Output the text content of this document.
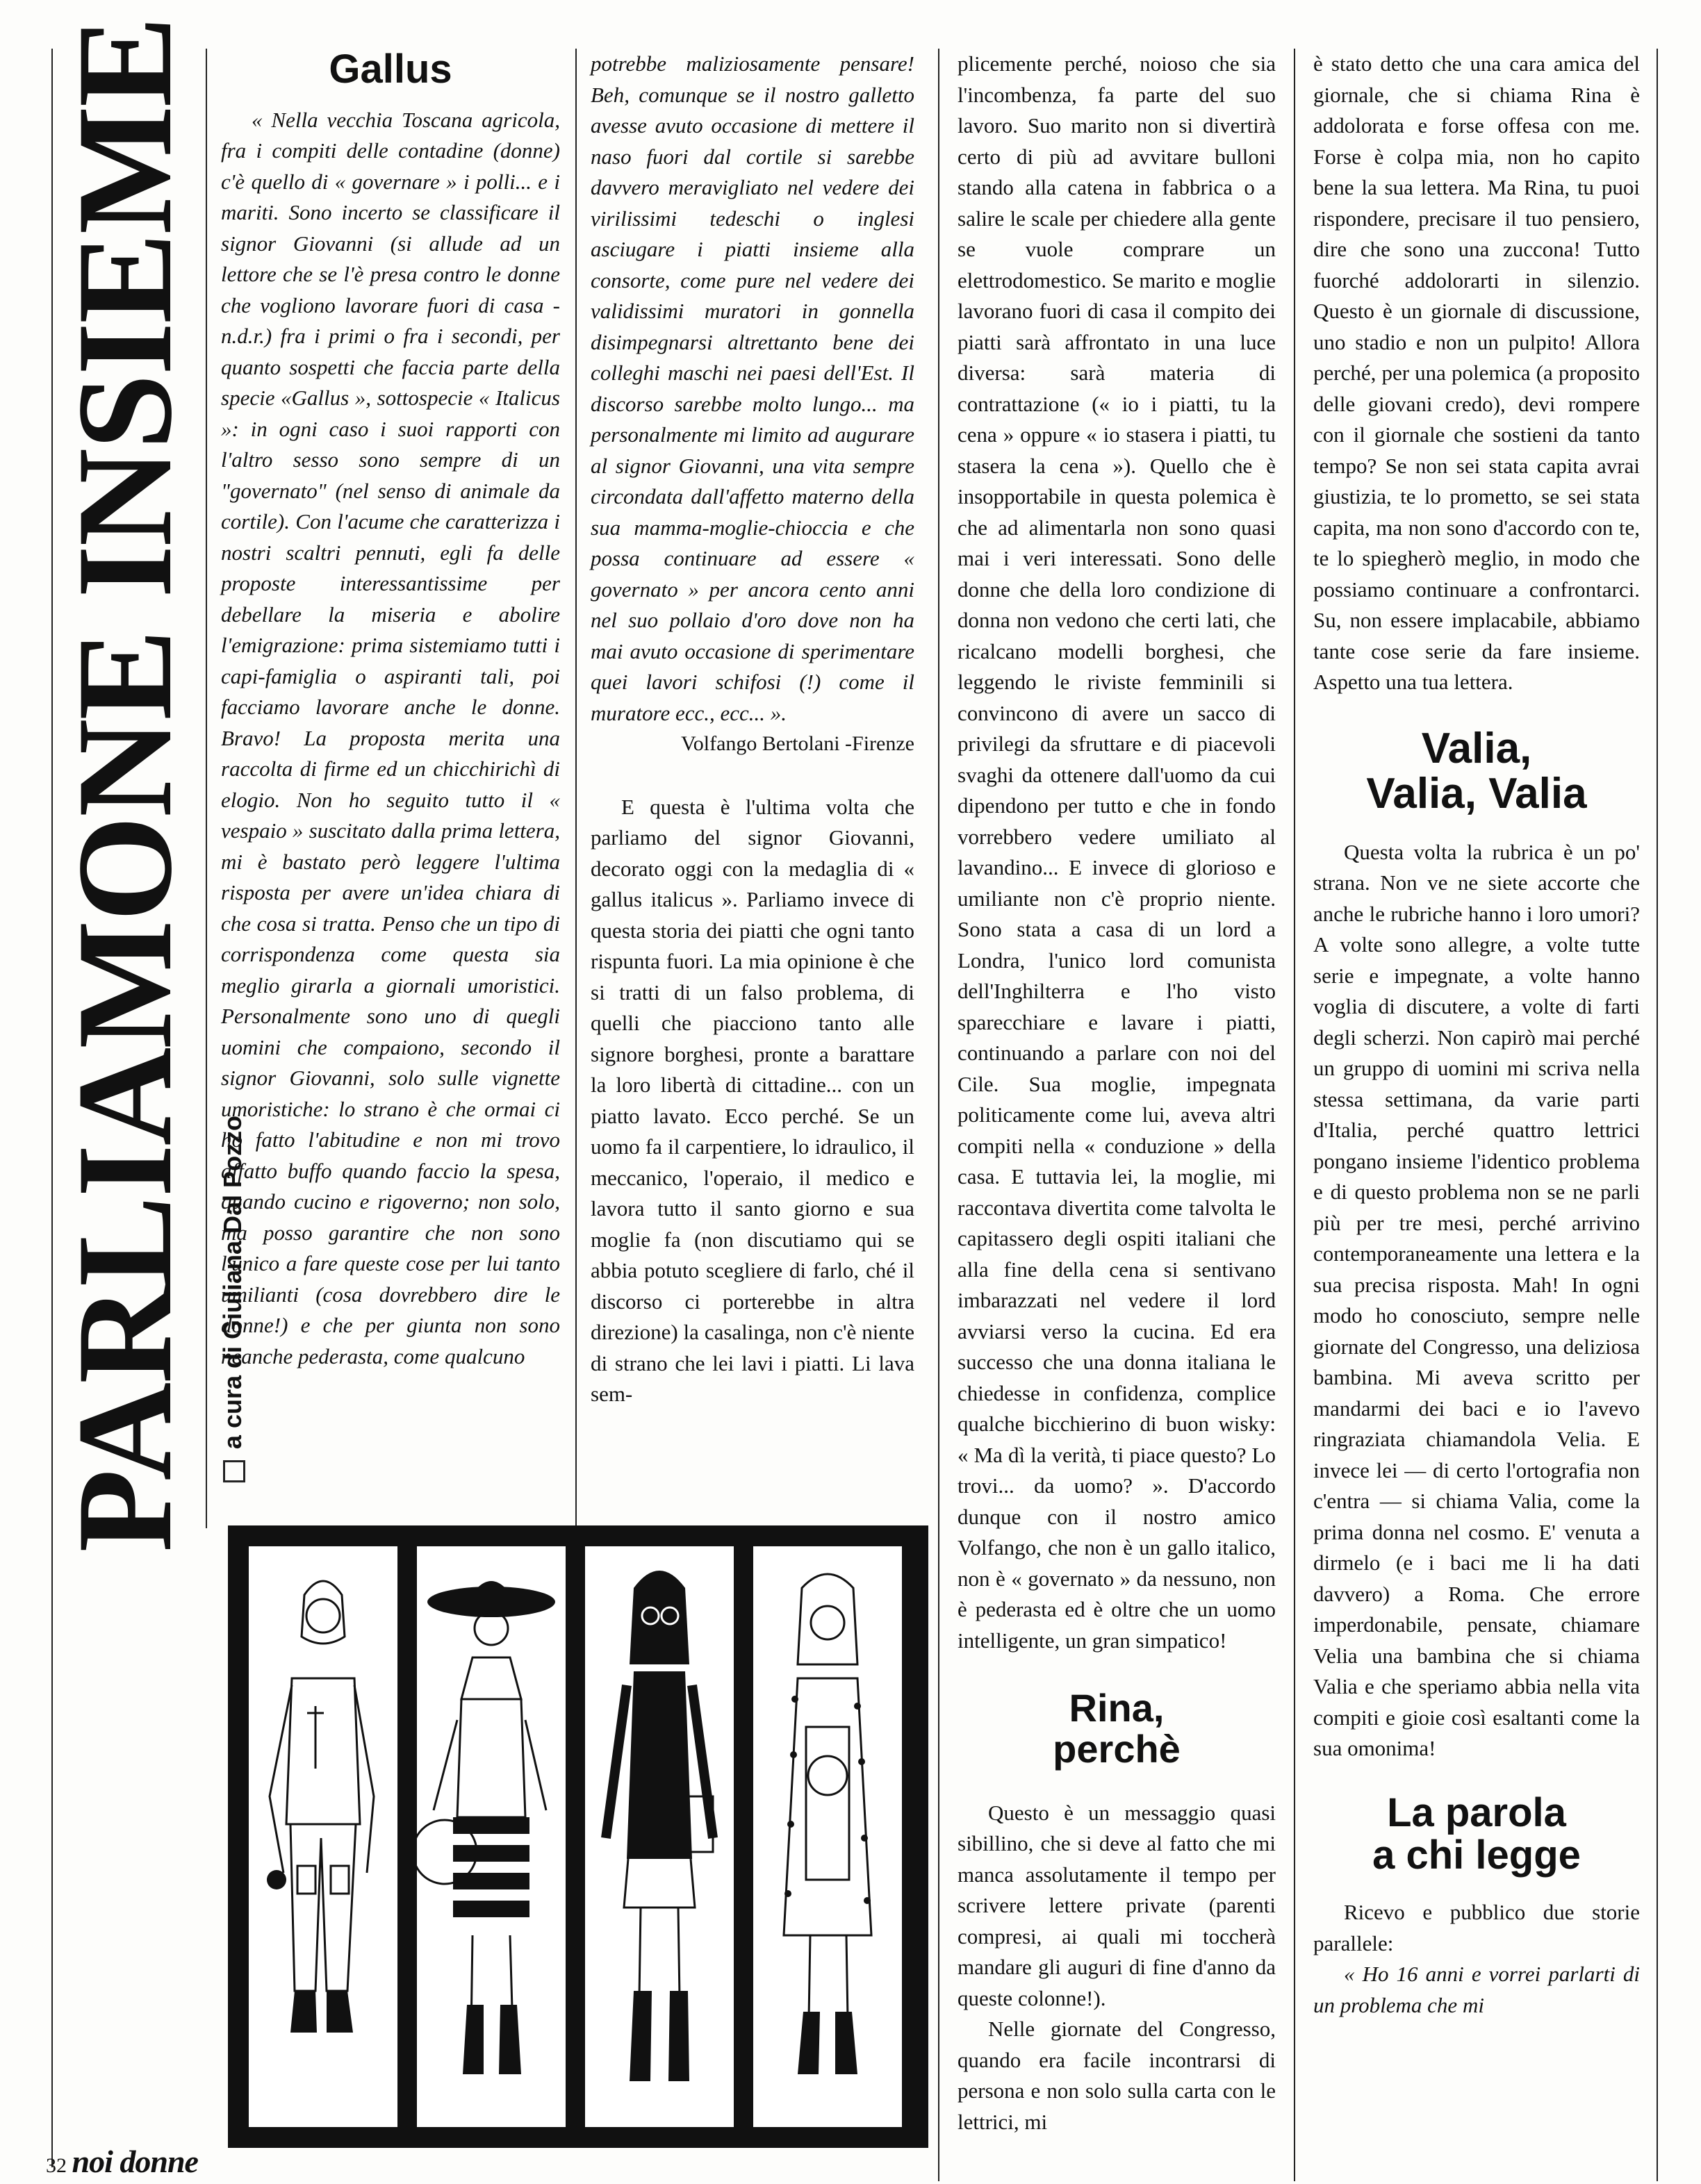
PARLIAMONE INSIEME a cura di Giuliana Dal Pozzo
Gallus

« Nella vecchia Toscana agricola, fra i compiti delle contadine (donne) c'è quello di « governare » i polli... e i mariti. Sono incerto se classificare il signor Giovanni (si allude ad un lettore che se l'è presa contro le donne che vogliono lavorare fuori di casa - n.d.r.) fra i primi o fra i secondi, per quanto sospetti che faccia parte della specie «Gallus », sottospecie « Italicus »: in ogni caso i suoi rapporti con l'altro sesso sono sempre di un "governato" (nel senso di animale da cortile). Con l'acume che caratterizza i nostri scaltri pennuti, egli fa delle proposte interessantissime per debellare la miseria e abolire l'emigrazione: prima sistemiamo tutti i capi-famiglia o aspiranti tali, poi facciamo lavorare anche le donne. Bravo! La proposta merita una raccolta di firme ed un chicchirichì di elogio. Non ho seguito tutto il « vespaio » suscitato dalla prima lettera, mi è bastato però leggere l'ultima risposta per avere un'idea chiara di che cosa si tratta. Penso che un tipo di corrispondenza come questa sia meglio girarla a giornali umoristici. Personalmente sono uno di quegli uomini che compaiono, secondo il signor Giovanni, solo sulle vignette umoristiche: lo strano è che ormai ci ho fatto l'abitudine e non mi trovo affatto buffo quando faccio la spesa, quando cucino e rigoverno; non solo, ma posso garantire che non sono l'unico a fare queste cose per lui tanto umilianti (cosa dovrebbero dire le donne!) e che per giunta non sono neanche pederasta, come qualcuno

potrebbe maliziosamente pensare! Beh, comunque se il nostro galletto avesse avuto occasione di mettere il naso fuori dal cortile si sarebbe davvero meravigliato nel vedere dei virilissimi tedeschi o inglesi asciugare i piatti insieme alla consorte, come pure nel vedere dei validissimi muratori in gonnella disimpegnarsi altrettanto bene dei colleghi maschi nei paesi dell'Est. Il discorso sarebbe molto lungo... ma personalmente mi limito ad augurare al signor Giovanni, una vita sempre circondata dall'affetto materno della sua mamma-moglie-chioccia e che possa continuare ad essere « governato » per ancora cento anni nel suo pollaio d'oro dove non ha mai avuto occasione di sperimentare quei lavori schifosi (!) come il muratore ecc., ecc... ».

Volfango Bertolani -Firenze

E questa è l'ultima volta che parliamo del signor Giovanni, decorato oggi con la medaglia di « gallus italicus ». Parliamo invece di questa storia dei piatti che ogni tanto rispunta fuori. La mia opinione è che si tratti di un falso problema, di quelli che piacciono tanto alle signore borghesi, pronte a barattare la loro libertà di cittadine... con un piatto lavato. Ecco perché. Se un uomo fa il carpentiere, lo idraulico, il meccanico, l'operaio, il medico e lavora tutto il santo giorno e sua moglie fa (non discutiamo qui se abbia potuto scegliere di farlo, ché il discorso ci porterebbe in altra direzione) la casalinga, non c'è niente di strano che lei lavi i piatti. Li lava sem-

plicemente perché, noioso che sia l'incombenza, fa parte del suo lavoro. Suo marito non si divertirà certo di più ad avvitare bulloni stando alla catena in fabbrica o a salire le scale per chiedere alla gente se vuole comprare un elettrodomestico. Se marito e moglie lavorano fuori di casa il compito dei piatti sarà affrontato in una luce diversa: sarà materia di contrattazione (« io i piatti, tu la cena » oppure « io stasera i piatti, tu stasera la cena »). Quello che è insopportabile in questa polemica è che ad alimentarla non sono quasi mai i veri interessati. Sono delle donne che della loro condizione di donna non vedono che certi lati, che ricalcano modelli borghesi, che leggendo le riviste femminili si convincono di avere un sacco di privilegi da sfruttare e di piacevoli svaghi da ottenere dall'uomo da cui dipendono per tutto e che in fondo vorrebbero vedere umiliato al lavandino... E invece di glorioso e umiliante non c'è proprio niente. Sono stata a casa di un lord a Londra, l'unico lord comunista dell'Inghilterra e l'ho visto sparecchiare e lavare i piatti, continuando a parlare con noi del Cile. Sua moglie, impegnata politicamente come lui, aveva altri compiti nella « conduzione » della casa. E tuttavia lei, la moglie, mi raccontava divertita come talvolta le capitassero degli ospiti italiani che alla fine della cena si sentivano imbarazzati nel vedere il lord avviarsi verso la cucina. Ed era successo che una donna italiana le chiedesse in confidenza, complice qualche bicchierino di buon wisky: « Ma dì la verità, ti piace questo? Lo trovi... da uomo? ». D'accordo dunque con il nostro amico Volfango, che non è un gallo italico, non è « governato » da nessuno, non è pederasta ed è oltre che un uomo intelligente, un gran simpatico!

Rina,
perchè

Questo è un messaggio quasi sibillino, che si deve al fatto che mi manca assolutamente il tempo per scrivere lettere private (parenti compresi, ai quali mi toccherà mandare gli auguri di fine d'anno da queste colonne!).

Nelle giornate del Congresso, quando era facile incontrarsi di persona e non solo sulla carta con le lettrici, mi

è stato detto che una cara amica del giornale, che si chiama Rina è addolorata e forse offesa con me. Forse è colpa mia, non ho capito bene la sua lettera. Ma Rina, tu puoi rispondere, precisare il tuo pensiero, dire che sono una zuccona! Tutto fuorché addolorarti in silenzio. Questo è un giornale di discussione, uno stadio e non un pulpito! Allora perché, per una polemica (a proposito delle giovani credo), devi rompere con il giornale che sostieni da tanto tempo? Se non sei stata capita avrai giustizia, te lo prometto, se sei stata capita, ma non sono d'accordo con te, te lo spiegherò meglio, in modo che possiamo continuare a confrontarci. Su, non essere implacabile, abbiamo tante cose serie da fare insieme. Aspetto una tua lettera.

Valia,
Valia, Valia

Questa volta la rubrica è un po' strana. Non ve ne siete accorte che anche le rubriche hanno i loro umori? A volte sono allegre, a volte tutte serie e impegnate, a volte hanno voglia di discutere, a volte di farti degli scherzi. Non capirò mai perché un gruppo di uomini mi scriva nella stessa settimana, da varie parti d'Italia, perché quattro lettrici pongano insieme l'identico problema e di questo problema non se ne parli più per tre mesi, perché arrivino contemporaneamente una lettera e la sua precisa risposta. Mah! In ogni modo ho conosciuto, sempre nelle giornate del Congresso, una deliziosa bambina. Mi aveva scritto per mandarmi dei baci e io l'avevo ringraziata chiamandola Velia. E invece lei — di certo l'ortografia non c'entra — si chiama Valia, come la prima donna nel cosmo. E' venuta a dirmelo (e i baci me li ha dati davvero) a Roma. Che errore imperdonabile, pensate, chiamare Velia una bambina che si chiama Valia e che speriamo abbia nella vita compiti e gioie così esaltanti come la sua omonima!

La parola
a chi legge

Ricevo e pubblico due storie parallele:

« Ho 16 anni e vorrei parlarti di un problema che mi

32 noi donne
